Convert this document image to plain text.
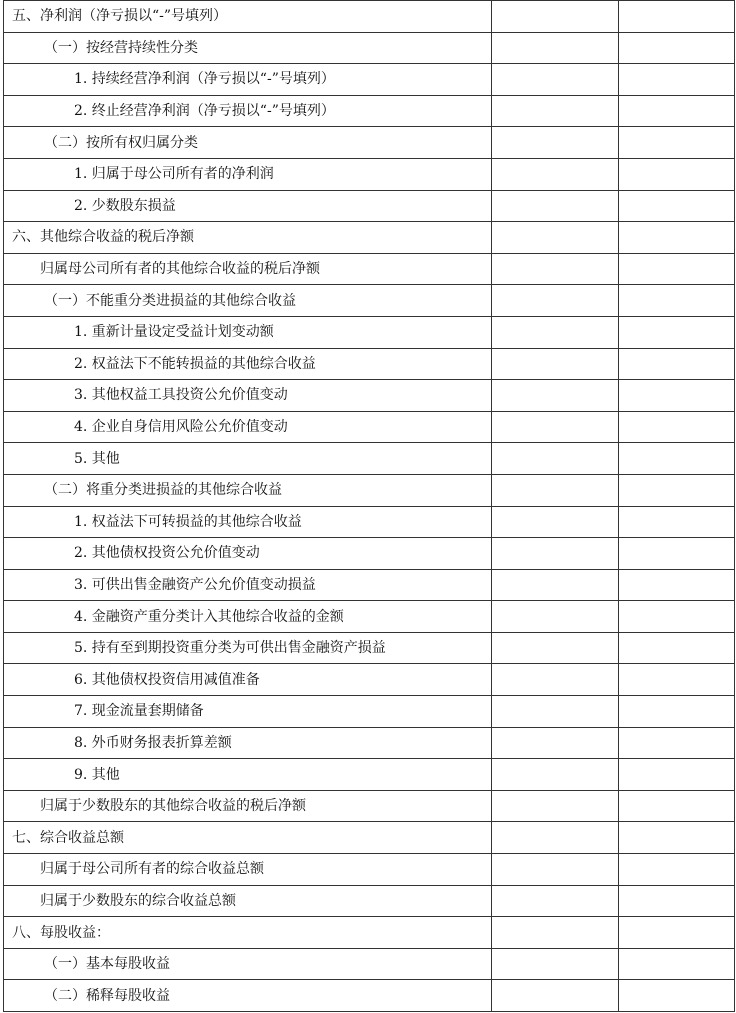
五、净利润（净亏损以“-”号填列）		
（一）按经营持续性分类		
1. 持续经营净利润（净亏损以“-”号填列）		
2. 终止经营净利润（净亏损以“-”号填列）		
（二）按所有权归属分类		
1. 归属于母公司所有者的净利润		
2. 少数股东损益		
六、其他综合收益的税后净额		
归属母公司所有者的其他综合收益的税后净额		
（一）不能重分类进损益的其他综合收益		
1. 重新计量设定受益计划变动额		
2. 权益法下不能转损益的其他综合收益		
3. 其他权益工具投资公允价值变动		
4. 企业自身信用风险公允价值变动		
5. 其他		
（二）将重分类进损益的其他综合收益		
1. 权益法下可转损益的其他综合收益		
2. 其他债权投资公允价值变动		
3. 可供出售金融资产公允价值变动损益		
4. 金融资产重分类计入其他综合收益的金额		
5. 持有至到期投资重分类为可供出售金融资产损益		
6. 其他债权投资信用减值准备		
7. 现金流量套期储备		
8. 外币财务报表折算差额		
9. 其他		
归属于少数股东的其他综合收益的税后净额		
七、综合收益总额		
归属于母公司所有者的综合收益总额		
归属于少数股东的综合收益总额		
八、每股收益：		
（一）基本每股收益		
（二）稀释每股收益		
